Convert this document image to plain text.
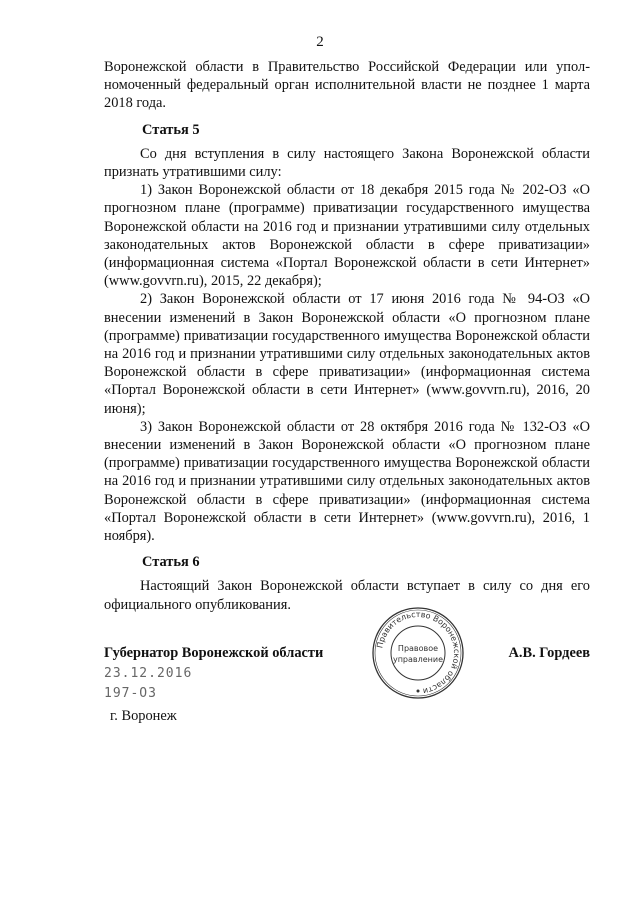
2

Воронежской области в Правительство Российской Федерации или уполномоченный федеральный орган исполнительной власти не позднее 1 марта 2018 года.

Статья 5

Со дня вступления в силу настоящего Закона Воронежской области признать утратившими силу:

1) Закон Воронежской области от 18 декабря 2015 года № 202-ОЗ «О прогнозном плане (программе) приватизации государственного имущества Воронежской области на 2016 год и признании утратившими силу отдельных законодательных актов Воронежской области в сфере приватизации» (информационная система «Портал Воронежской области в сети Интернет» (www.govvrn.ru), 2015, 22 декабря);

2) Закон Воронежской области от 17 июня 2016 года № 94-ОЗ «О внесении изменений в Закон Воронежской области «О прогнозном плане (программе) приватизации государственного имущества Воронежской области на 2016 год и признании утратившими силу отдельных законодательных актов Воронежской области в сфере приватизации» (информационная система «Портал Воронежской области в сети Интернет» (www.govvrn.ru), 2016, 20 июня);

3) Закон Воронежской области от 28 октября 2016 года № 132-ОЗ «О внесении изменений в Закон Воронежской области «О прогнозном плане (программе) приватизации государственного имущества Воронежской области на 2016 год и признании утратившими силу отдельных законодательных актов Воронежской области в сфере приватизации» (информационная система «Портал Воронежской области в сети Интернет» (www.govvrn.ru), 2016, 1 ноября).

Статья 6

Настоящий Закон Воронежской области вступает в силу со дня его официального опубликования.

Правительство Воронежской области
Правовое
управление
Губернатор Воронежской области	А.В. Гордеев
23.12.2016
197-ОЗ
г. Воронеж
